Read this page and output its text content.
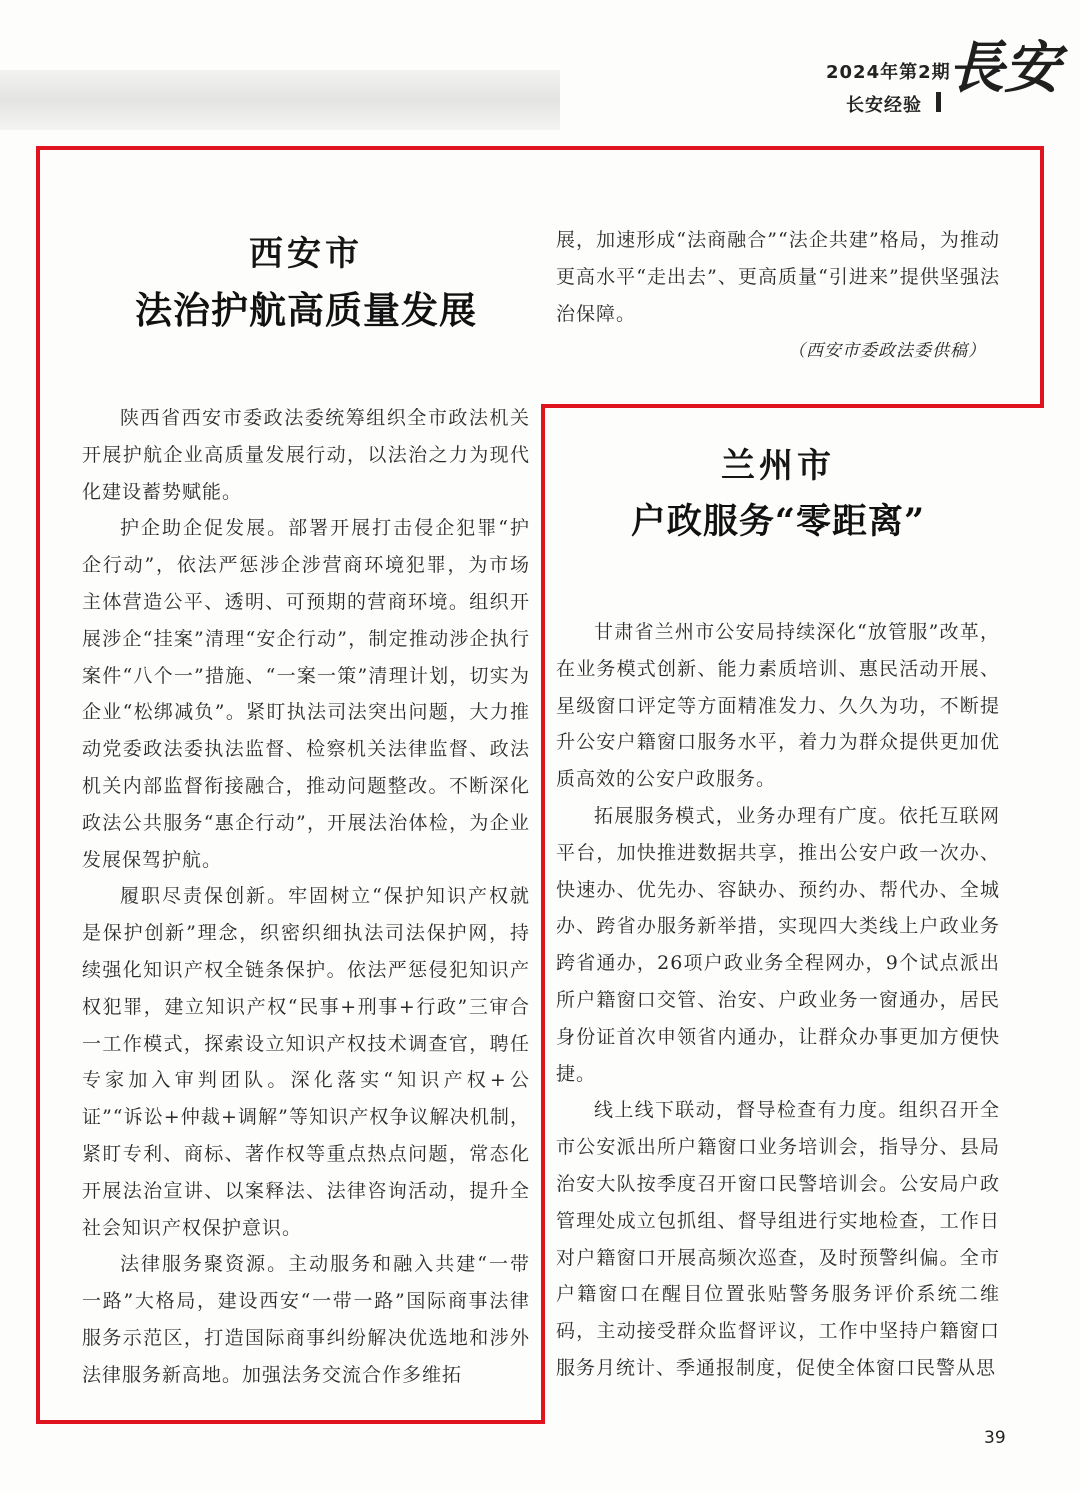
2024年第2期
长安经验
長安
西安市
法治护航高质量发展

陕西省西安市委政法委统筹组织全市政法机关开展护航企业高质量发展行动，以法治之力为现代化建设蓄势赋能。

护企助企促发展。部署开展打击侵企犯罪“护企行动”，依法严惩涉企涉营商环境犯罪，为市场主体营造公平、透明、可预期的营商环境。组织开展涉企“挂案”清理“安企行动”，制定推动涉企执行案件“八个一”措施、“一案一策”清理计划，切实为企业“松绑减负”。紧盯执法司法突出问题，大力推动党委政法委执法监督、检察机关法律监督、政法机关内部监督衔接融合，推动问题整改。不断深化政法公共服务“惠企行动”，开展法治体检，为企业发展保驾护航。

履职尽责保创新。牢固树立“保护知识产权就是保护创新”理念，织密织细执法司法保护网，持续强化知识产权全链条保护。依法严惩侵犯知识产权犯罪，建立知识产权“民事+刑事+行政”三审合一工作模式，探索设立知识产权技术调查官，聘任专家加入审判团队。深化落实“知识产权+公证”“诉讼+仲裁+调解”等知识产权争议解决机制，紧盯专利、商标、著作权等重点热点问题，常态化开展法治宣讲、以案释法、法律咨询活动，提升全社会知识产权保护意识。

法律服务聚资源。主动服务和融入共建“一带一路”大格局，建设西安“一带一路”国际商事法律服务示范区，打造国际商事纠纷解决优选地和涉外法律服务新高地。加强法务交流合作多维拓

展，加速形成“法商融合”“法企共建”格局，为推动更高水平“走出去”、更高质量“引进来”提供坚强法治保障。

（西安市委政法委供稿）
兰州市
户政服务“零距离”

甘肃省兰州市公安局持续深化“放管服”改革，在业务模式创新、能力素质培训、惠民活动开展、星级窗口评定等方面精准发力、久久为功，不断提升公安户籍窗口服务水平，着力为群众提供更加优质高效的公安户政服务。

拓展服务模式，业务办理有广度。依托互联网平台，加快推进数据共享，推出公安户政一次办、快速办、优先办、容缺办、预约办、帮代办、全城办、跨省办服务新举措，实现四大类线上户政业务跨省通办，26项户政业务全程网办，9个试点派出所户籍窗口交管、治安、户政业务一窗通办，居民身份证首次申领省内通办，让群众办事更加方便快捷。

线上线下联动，督导检查有力度。组织召开全市公安派出所户籍窗口业务培训会，指导分、县局治安大队按季度召开窗口民警培训会。公安局户政管理处成立包抓组、督导组进行实地检查，工作日对户籍窗口开展高频次巡查，及时预警纠偏。全市户籍窗口在醒目位置张贴警务服务评价系统二维码，主动接受群众监督评议，工作中坚持户籍窗口服务月统计、季通报制度，促使全体窗口民警从思

39
